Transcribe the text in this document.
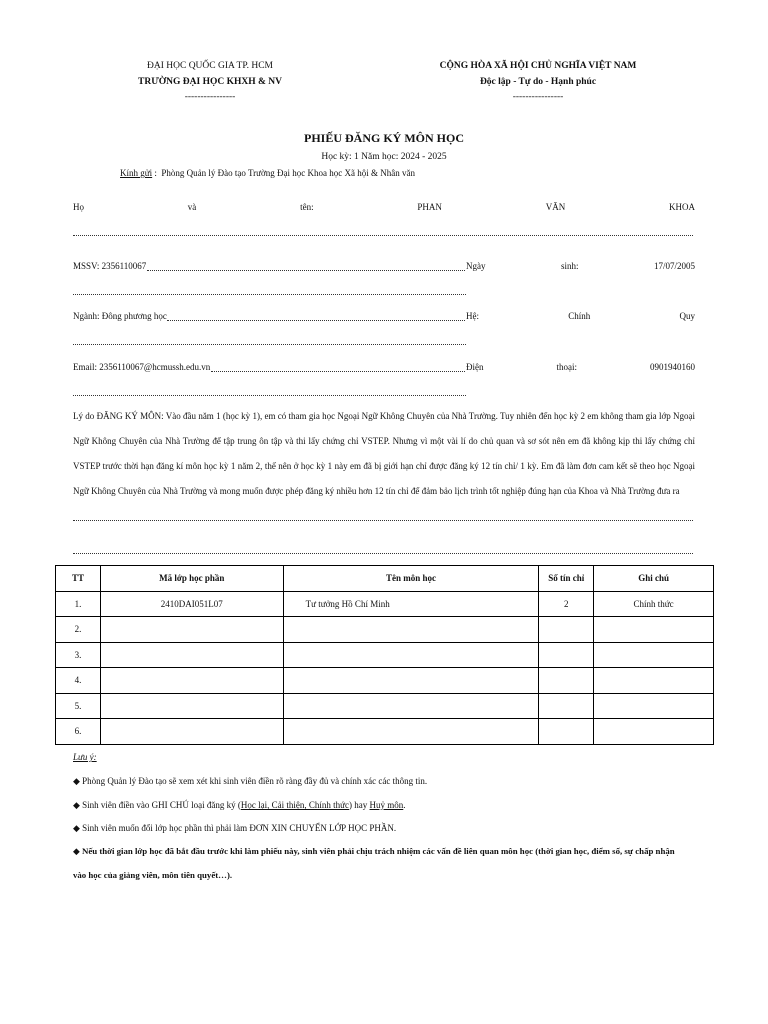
ĐẠI HỌC QUỐC GIA TP. HCM
TRƯỜNG ĐẠI HỌC KHXH & NV
----------------
CỘNG HÒA XÃ HỘI CHỦ NGHĨA VIỆT NAM
Độc lập - Tự do - Hạnh phúc
----------------
PHIẾU ĐĂNG KÝ MÔN HỌC
Học kỳ: 1 Năm học: 2024 - 2025
Kính gửi :  Phòng Quản lý Đào tạo Trường Đại học Khoa học Xã hội & Nhân văn
Họ	và	tên:	PHAN	VĂN	KHOA
MSSV: 2356110067	Ngày	sinh:	17/07/2005
Ngành: Đông phương học	Hệ:	Chính	Quy
Email: 2356110067@hcmussh.edu.vn	Điện	thoại:	0901940160
Lý do ĐĂNG KÝ MÔN: Vào đầu năm 1 (học kỳ 1), em có tham gia học Ngoại Ngữ Không Chuyên của Nhà Trường. Tuy nhiên đến học kỳ 2 em không tham gia lớp Ngoại Ngữ Không Chuyên của Nhà Trường để tập trung ôn tập và thi lấy chứng chỉ VSTEP. Nhưng vì một vài lí do chủ quan và sơ sót nên em đã không kịp thi lấy chứng chỉ VSTEP trước thời hạn đăng kí môn học kỳ 1 năm 2, thế nên ở học kỳ 1 này em đã bị giới hạn chỉ được đăng ký 12 tín chỉ/ 1 kỳ. Em đã làm đơn cam kết sẽ theo học Ngoại Ngữ Không Chuyên của Nhà Trường và mong muốn được phép đăng ký nhiều hơn 12 tín chỉ để đảm bảo lịch trình tốt nghiệp đúng hạn của Khoa và Nhà Trường đưa ra
TT	Mã lớp học phần	Tên môn học	Số tín chỉ	Ghi chú
1.	2410DAI051L07	Tư tưởng Hồ Chí Minh	2	Chính thức
2.				
3.				
4.				
5.				
6.				
Lưu ý:
◆ Phòng Quản lý Đào tạo sẽ xem xét khi sinh viên điền rõ ràng đầy đủ và chính xác các thông tin.
◆ Sinh viên điền vào GHI CHÚ loại đăng ký (Học lại, Cải thiện, Chính thức) hay Huỷ môn.
◆ Sinh viên muốn đổi lớp học phần thì phải làm ĐƠN XIN CHUYỂN LỚP HỌC PHẦN.
◆ Nếu thời gian lớp học đã bắt đầu trước khi làm phiếu này, sinh viên phải chịu trách nhiệm các vấn đề liên quan môn học (thời gian học, điểm số, sự chấp nhận
vào học của giảng viên, môn tiên quyết…).
